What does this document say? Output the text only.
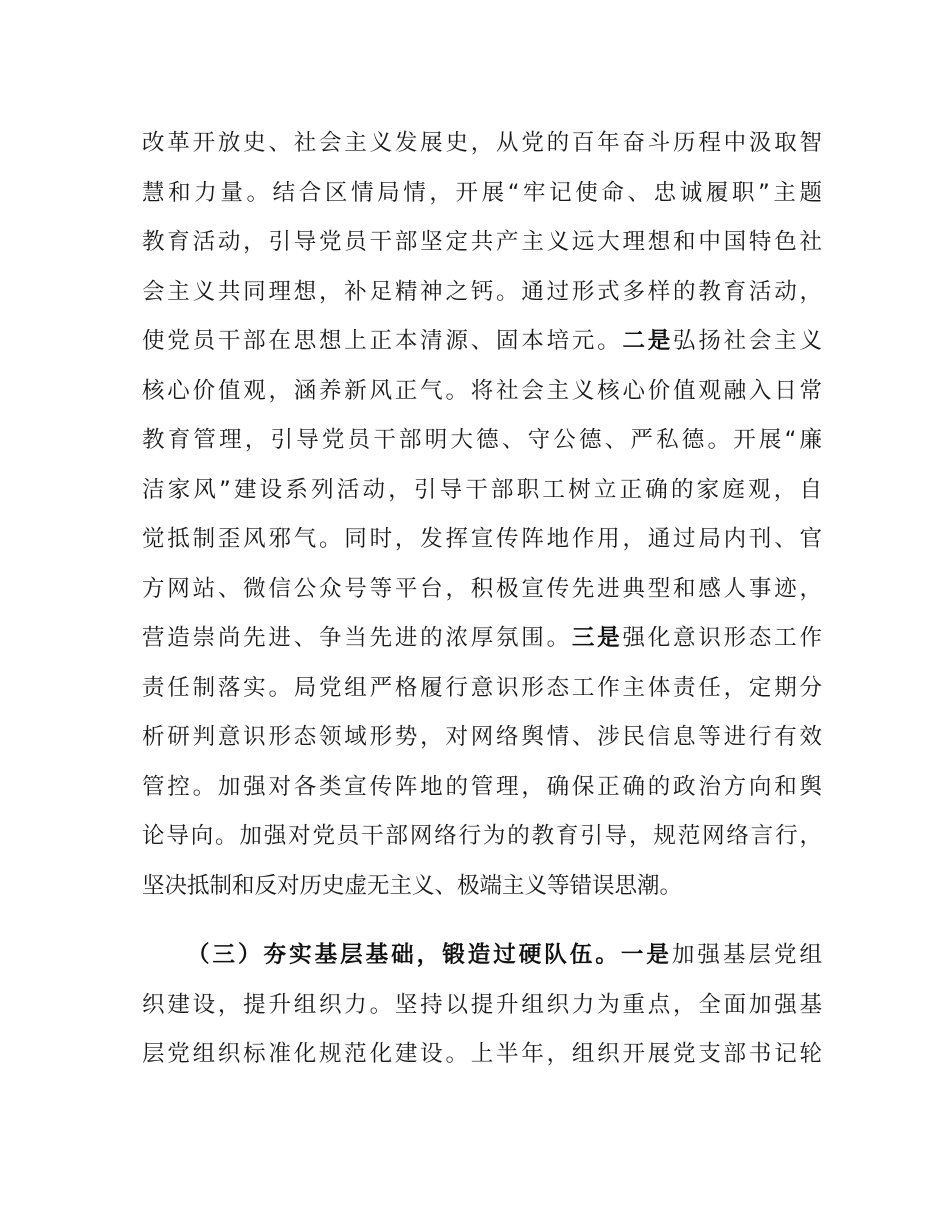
改革开放史、社会主义发展史，从党的百年奋斗历程中汲取智
慧和力量。结合区情局情，开展“牢记使命、忠诚履职”主题
教育活动，引导党员干部坚定共产主义远大理想和中国特色社
会主义共同理想，补足精神之钙。通过形式多样的教育活动，
使党员干部在思想上正本清源、固本培元。二是弘扬社会主义
核心价值观，涵养新风正气。将社会主义核心价值观融入日常
教育管理，引导党员干部明大德、守公德、严私德。开展“廉
洁家风”建设系列活动，引导干部职工树立正确的家庭观，自
觉抵制歪风邪气。同时，发挥宣传阵地作用，通过局内刊、官
方网站、微信公众号等平台，积极宣传先进典型和感人事迹，
营造崇尚先进、争当先进的浓厚氛围。三是强化意识形态工作
责任制落实。局党组严格履行意识形态工作主体责任，定期分
析研判意识形态领域形势，对网络舆情、涉民信息等进行有效
管控。加强对各类宣传阵地的管理，确保正确的政治方向和舆
论导向。加强对党员干部网络行为的教育引导，规范网络言行，
坚决抵制和反对历史虚无主义、极端主义等错误思潮。
（三）夯实基层基础，锻造过硬队伍。一是加强基层党组
织建设，提升组织力。坚持以提升组织力为重点，全面加强基
层党组织标准化规范化建设。上半年，组织开展党支部书记轮
